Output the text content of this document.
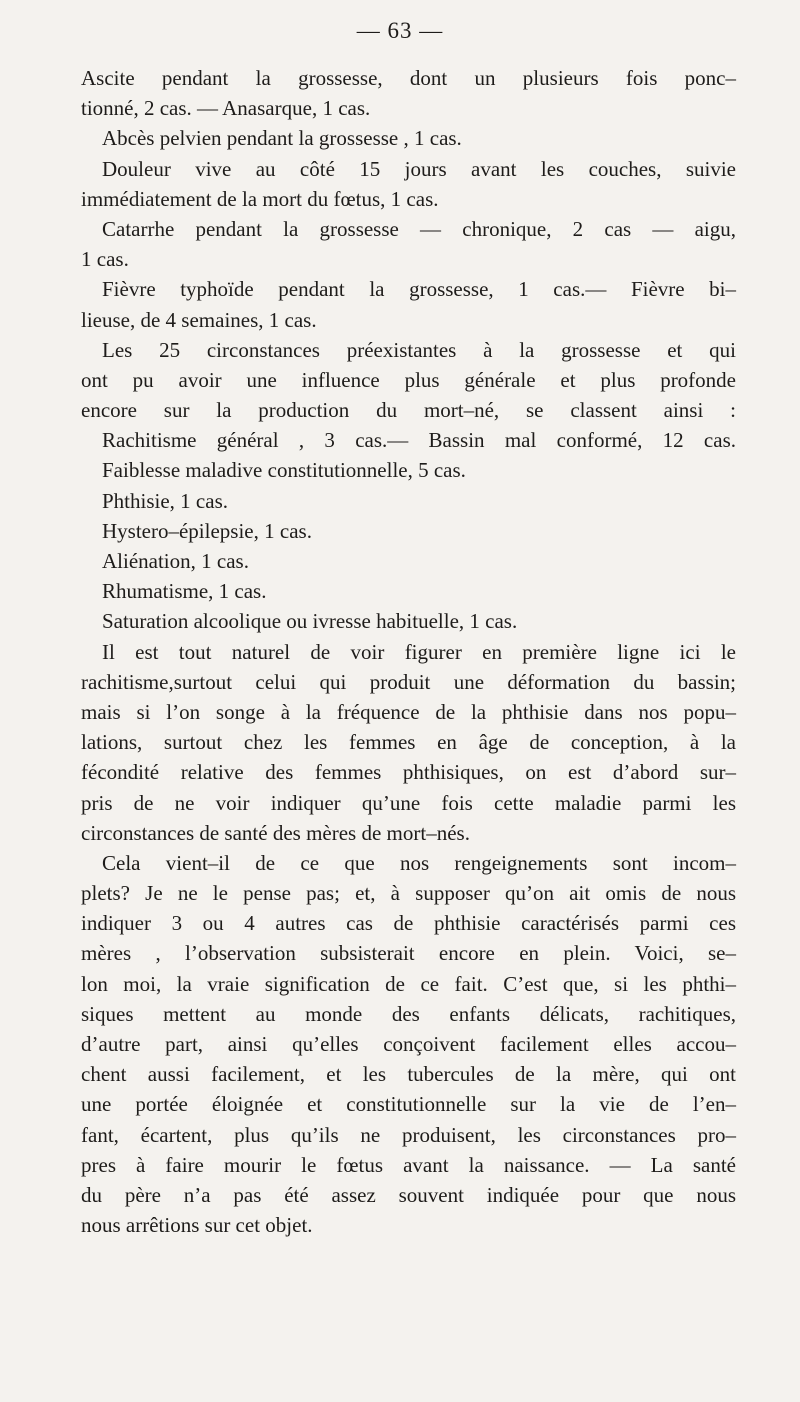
— 63 —
Ascite pendant la grossesse, dont un plusieurs fois ponc–
tionné, 2 cas. — Anasarque, 1 cas.
Abcès pelvien pendant la grossesse , 1 cas.
Douleur vive au côté 15 jours avant les couches, suivie
immédiatement de la mort du fœtus, 1 cas.
Catarrhe pendant la grossesse — chronique, 2 cas — aigu,
1 cas.
Fièvre typhoïde pendant la grossesse, 1 cas.— Fièvre bi–
lieuse, de 4 semaines, 1 cas.
Les 25 circonstances préexistantes à la grossesse et qui
ont pu avoir une influence plus générale et plus profonde
encore sur la production du mort–né, se classent ainsi :
Rachitisme général , 3 cas.— Bassin mal conformé, 12 cas.
Faiblesse maladive constitutionnelle, 5 cas.
Phthisie, 1 cas.
Hystero–épilepsie, 1 cas.
Aliénation, 1 cas.
Rhumatisme, 1 cas.
Saturation alcoolique ou ivresse habituelle, 1 cas.
Il est tout naturel de voir figurer en première ligne ici le
rachitisme,surtout celui qui produit une déformation du bassin;
mais si l’on songe à la fréquence de la phthisie dans nos popu–
lations, surtout chez les femmes en âge de conception, à la
fécondité relative des femmes phthisiques, on est d’abord sur–
pris de ne voir indiquer qu’une fois cette maladie parmi les
circonstances de santé des mères de mort–nés.
Cela vient–il de ce que nos rengeignements sont incom–
plets? Je ne le pense pas; et, à supposer qu’on ait omis de nous
indiquer 3 ou 4 autres cas de phthisie caractérisés parmi ces
mères , l’observation subsisterait encore en plein. Voici, se–
lon moi, la vraie signification de ce fait. C’est que, si les phthi–
siques mettent au monde des enfants délicats, rachitiques,
d’autre part, ainsi qu’elles conçoivent facilement elles accou–
chent aussi facilement, et les tubercules de la mère, qui ont
une portée éloignée et constitutionnelle sur la vie de l’en–
fant, écartent, plus qu’ils ne produisent, les circonstances pro–
pres à faire mourir le fœtus avant la naissance. — La santé
du père n’a pas été assez souvent indiquée pour que nous
nous arrêtions sur cet objet.
